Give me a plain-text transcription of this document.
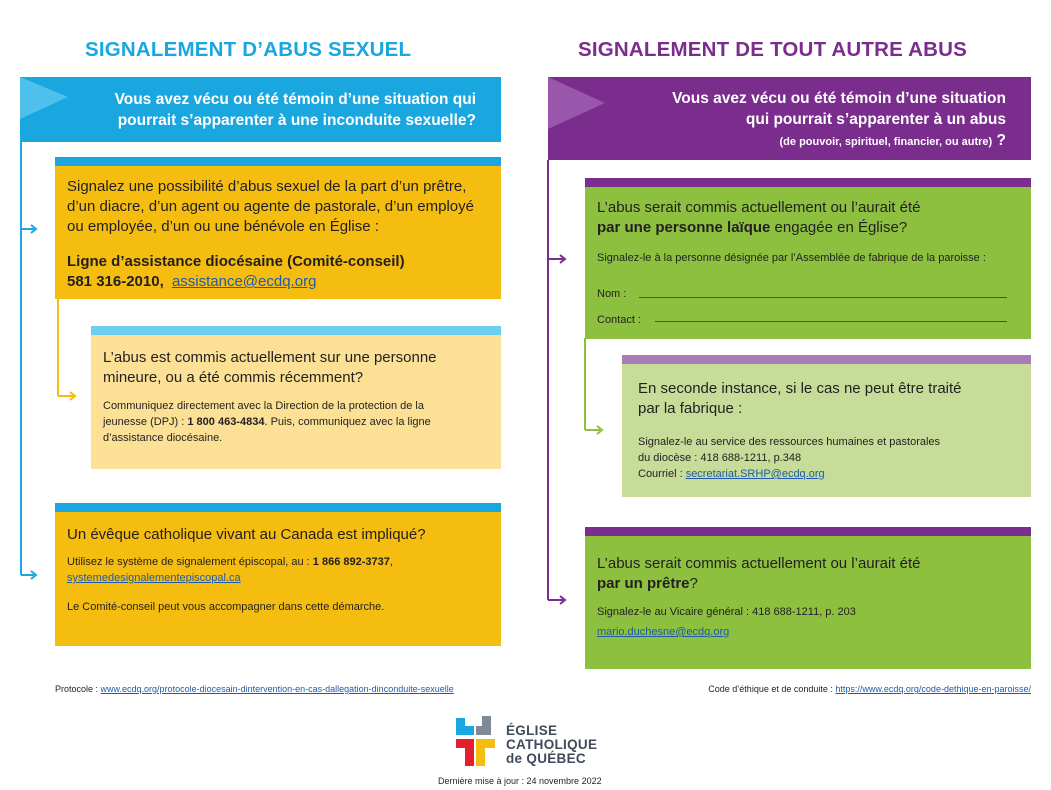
SIGNALEMENT D’ABUS SEXUEL	SIGNALEMENT DE TOUT AUTRE ABUS
Vous avez vécu ou été témoin d’une situation qui
pourrait s’apparenter à une inconduite sexuelle?
Signalez une possibilité d’abus sexuel de la part d’un prêtre,
d’un diacre, d’un agent ou agente de pastorale, d’un employé
ou employée, d’un ou une bénévole en Église :
Ligne d’assistance diocésaine (Comité-conseil)
581 316-2010, assistance@ecdq.org
L’abus est commis actuellement sur une personne
mineure, ou a été commis récemment?
Communiquez directement avec la Direction de la protection de la
jeunesse (DPJ) : 1 800 463-4834. Puis, communiquez avec la ligne
d’assistance diocésaine.
Un évêque catholique vivant au Canada est impliqué?
Utilisez le système de signalement épiscopal, au : 1 866 892-3737,
systemedesignalementepiscopal.ca
Le Comité-conseil peut vous accompagner dans cette démarche.
Protocole : www.ecdq.org/protocole-diocesain-dintervention-en-cas-dallegation-dinconduite-sexuelle
Vous avez vécu ou été témoin d’une situation
qui pourrait s’apparenter à un abus
(de pouvoir, spirituel, financier, ou autre) ?
L’abus serait commis actuellement ou l’aurait été
par une personne laïque engagée en Église?
Signalez-le à la personne désignée par l’Assemblée de fabrique de la paroisse :
Nom :
Contact :
En seconde instance, si le cas ne peut être traité
par la fabrique :
Signalez-le au service des ressources humaines et pastorales
du diocèse : 418 688-1211, p.348
Courriel : secretariat.SRHP@ecdq.org
L’abus serait commis actuellement ou l’aurait été
par un prêtre?
Signalez-le au Vicaire général : 418 688-1211, p. 203
mario.duchesne@ecdq.org
Code d’éthique et de conduite : https://www.ecdq.org/code-dethique-en-paroisse/
ÉGLISE
CATHOLIQUE
de QUÉBEC
Dernière mise à jour : 24 novembre 2022
